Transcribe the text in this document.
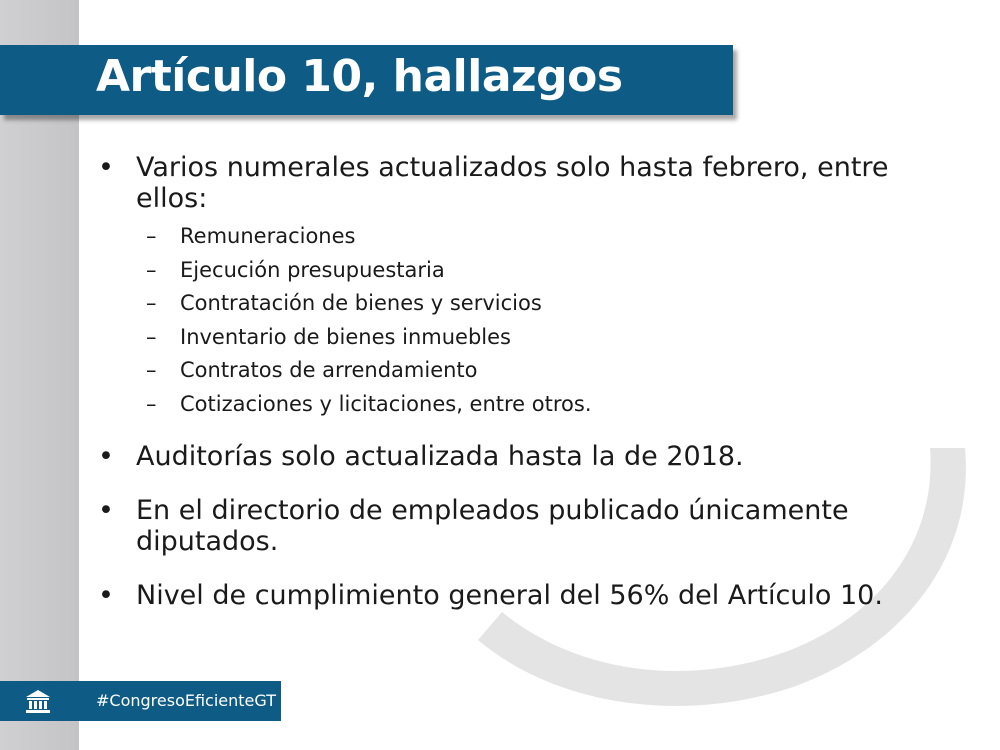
Artículo 10, hallazgos
• Varios numerales actualizados solo hasta febrero, entre ellos:
– Remuneraciones
– Ejecución presupuestaria
– Contratación de bienes y servicios
– Inventario de bienes inmuebles
– Contratos de arrendamiento
– Cotizaciones y licitaciones, entre otros.
• Auditorías solo actualizada hasta la de 2018.
• En el directorio de empleados publicado únicamente diputados.
• Nivel de cumplimiento general del 56% del Artículo 10.
#CongresoEficienteGT
